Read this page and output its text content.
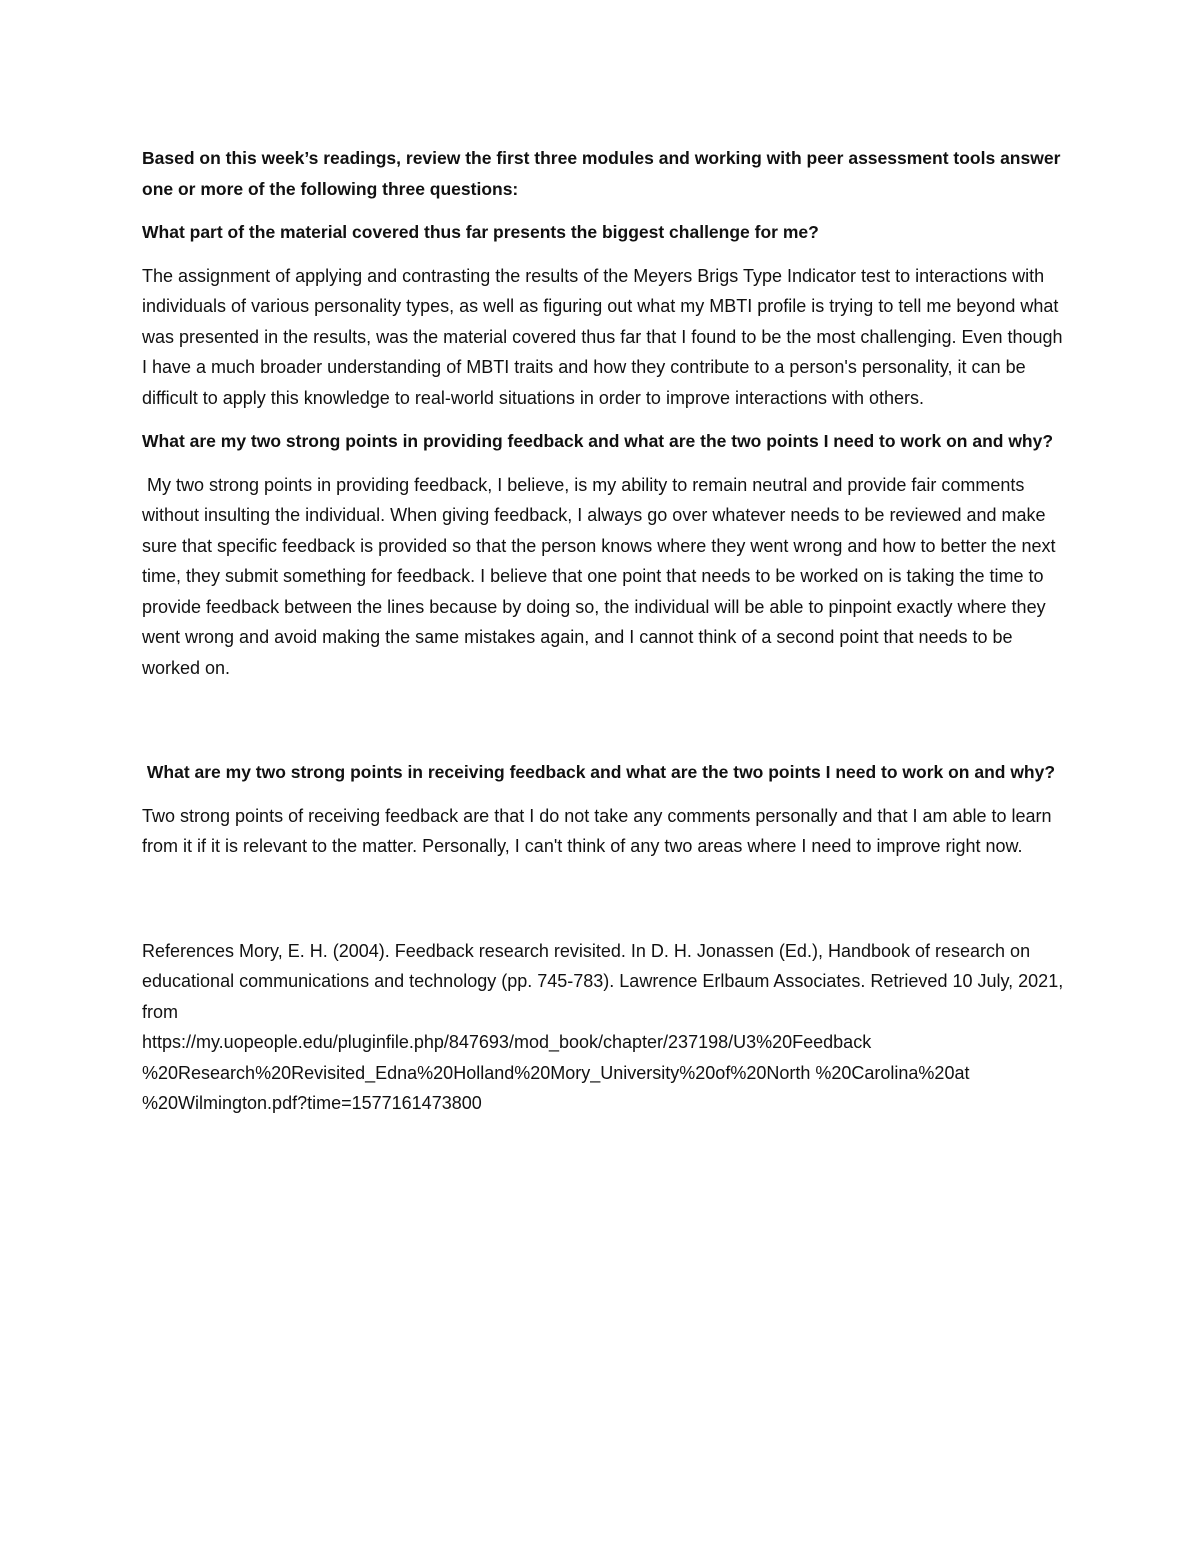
Based on this week’s readings, review the first three modules and working with peer assessment tools answer one or more of the following three questions:

What part of the material covered thus far presents the biggest challenge for me?

The assignment of applying and contrasting the results of the Meyers Brigs Type Indicator test to interactions with individuals of various personality types, as well as figuring out what my MBTI profile is trying to tell me beyond what was presented in the results, was the material covered thus far that I found to be the most challenging. Even though I have a much broader understanding of MBTI traits and how they contribute to a person's personality, it can be difficult to apply this knowledge to real-world situations in order to improve interactions with others.

What are my two strong points in providing feedback and what are the two points I need to work on and why?

My two strong points in providing feedback, I believe, is my ability to remain neutral and provide fair comments without insulting the individual. When giving feedback, I always go over whatever needs to be reviewed and make sure that specific feedback is provided so that the person knows where they went wrong and how to better the next time, they submit something for feedback. I believe that one point that needs to be worked on is taking the time to provide feedback between the lines because by doing so, the individual will be able to pinpoint exactly where they went wrong and avoid making the same mistakes again, and I cannot think of a second point that needs to be worked on.

What are my two strong points in receiving feedback and what are the two points I need to work on and why?

Two strong points of receiving feedback are that I do not take any comments personally and that I am able to learn from it if it is relevant to the matter. Personally, I can't think of any two areas where I need to improve right now.

References Mory, E. H. (2004). Feedback research revisited. In D. H. Jonassen (Ed.), Handbook of research on educational communications and technology (pp. 745-783). Lawrence Erlbaum Associates. Retrieved 10 July, 2021, from

https://my.uopeople.edu/pluginfile.php/847693/mod_book/chapter/237198/U3%20Feedback

%20Research%20Revisited_Edna%20Holland%20Mory_University%20of%20North %20Carolina%20at

%20Wilmington.pdf?time=1577161473800
